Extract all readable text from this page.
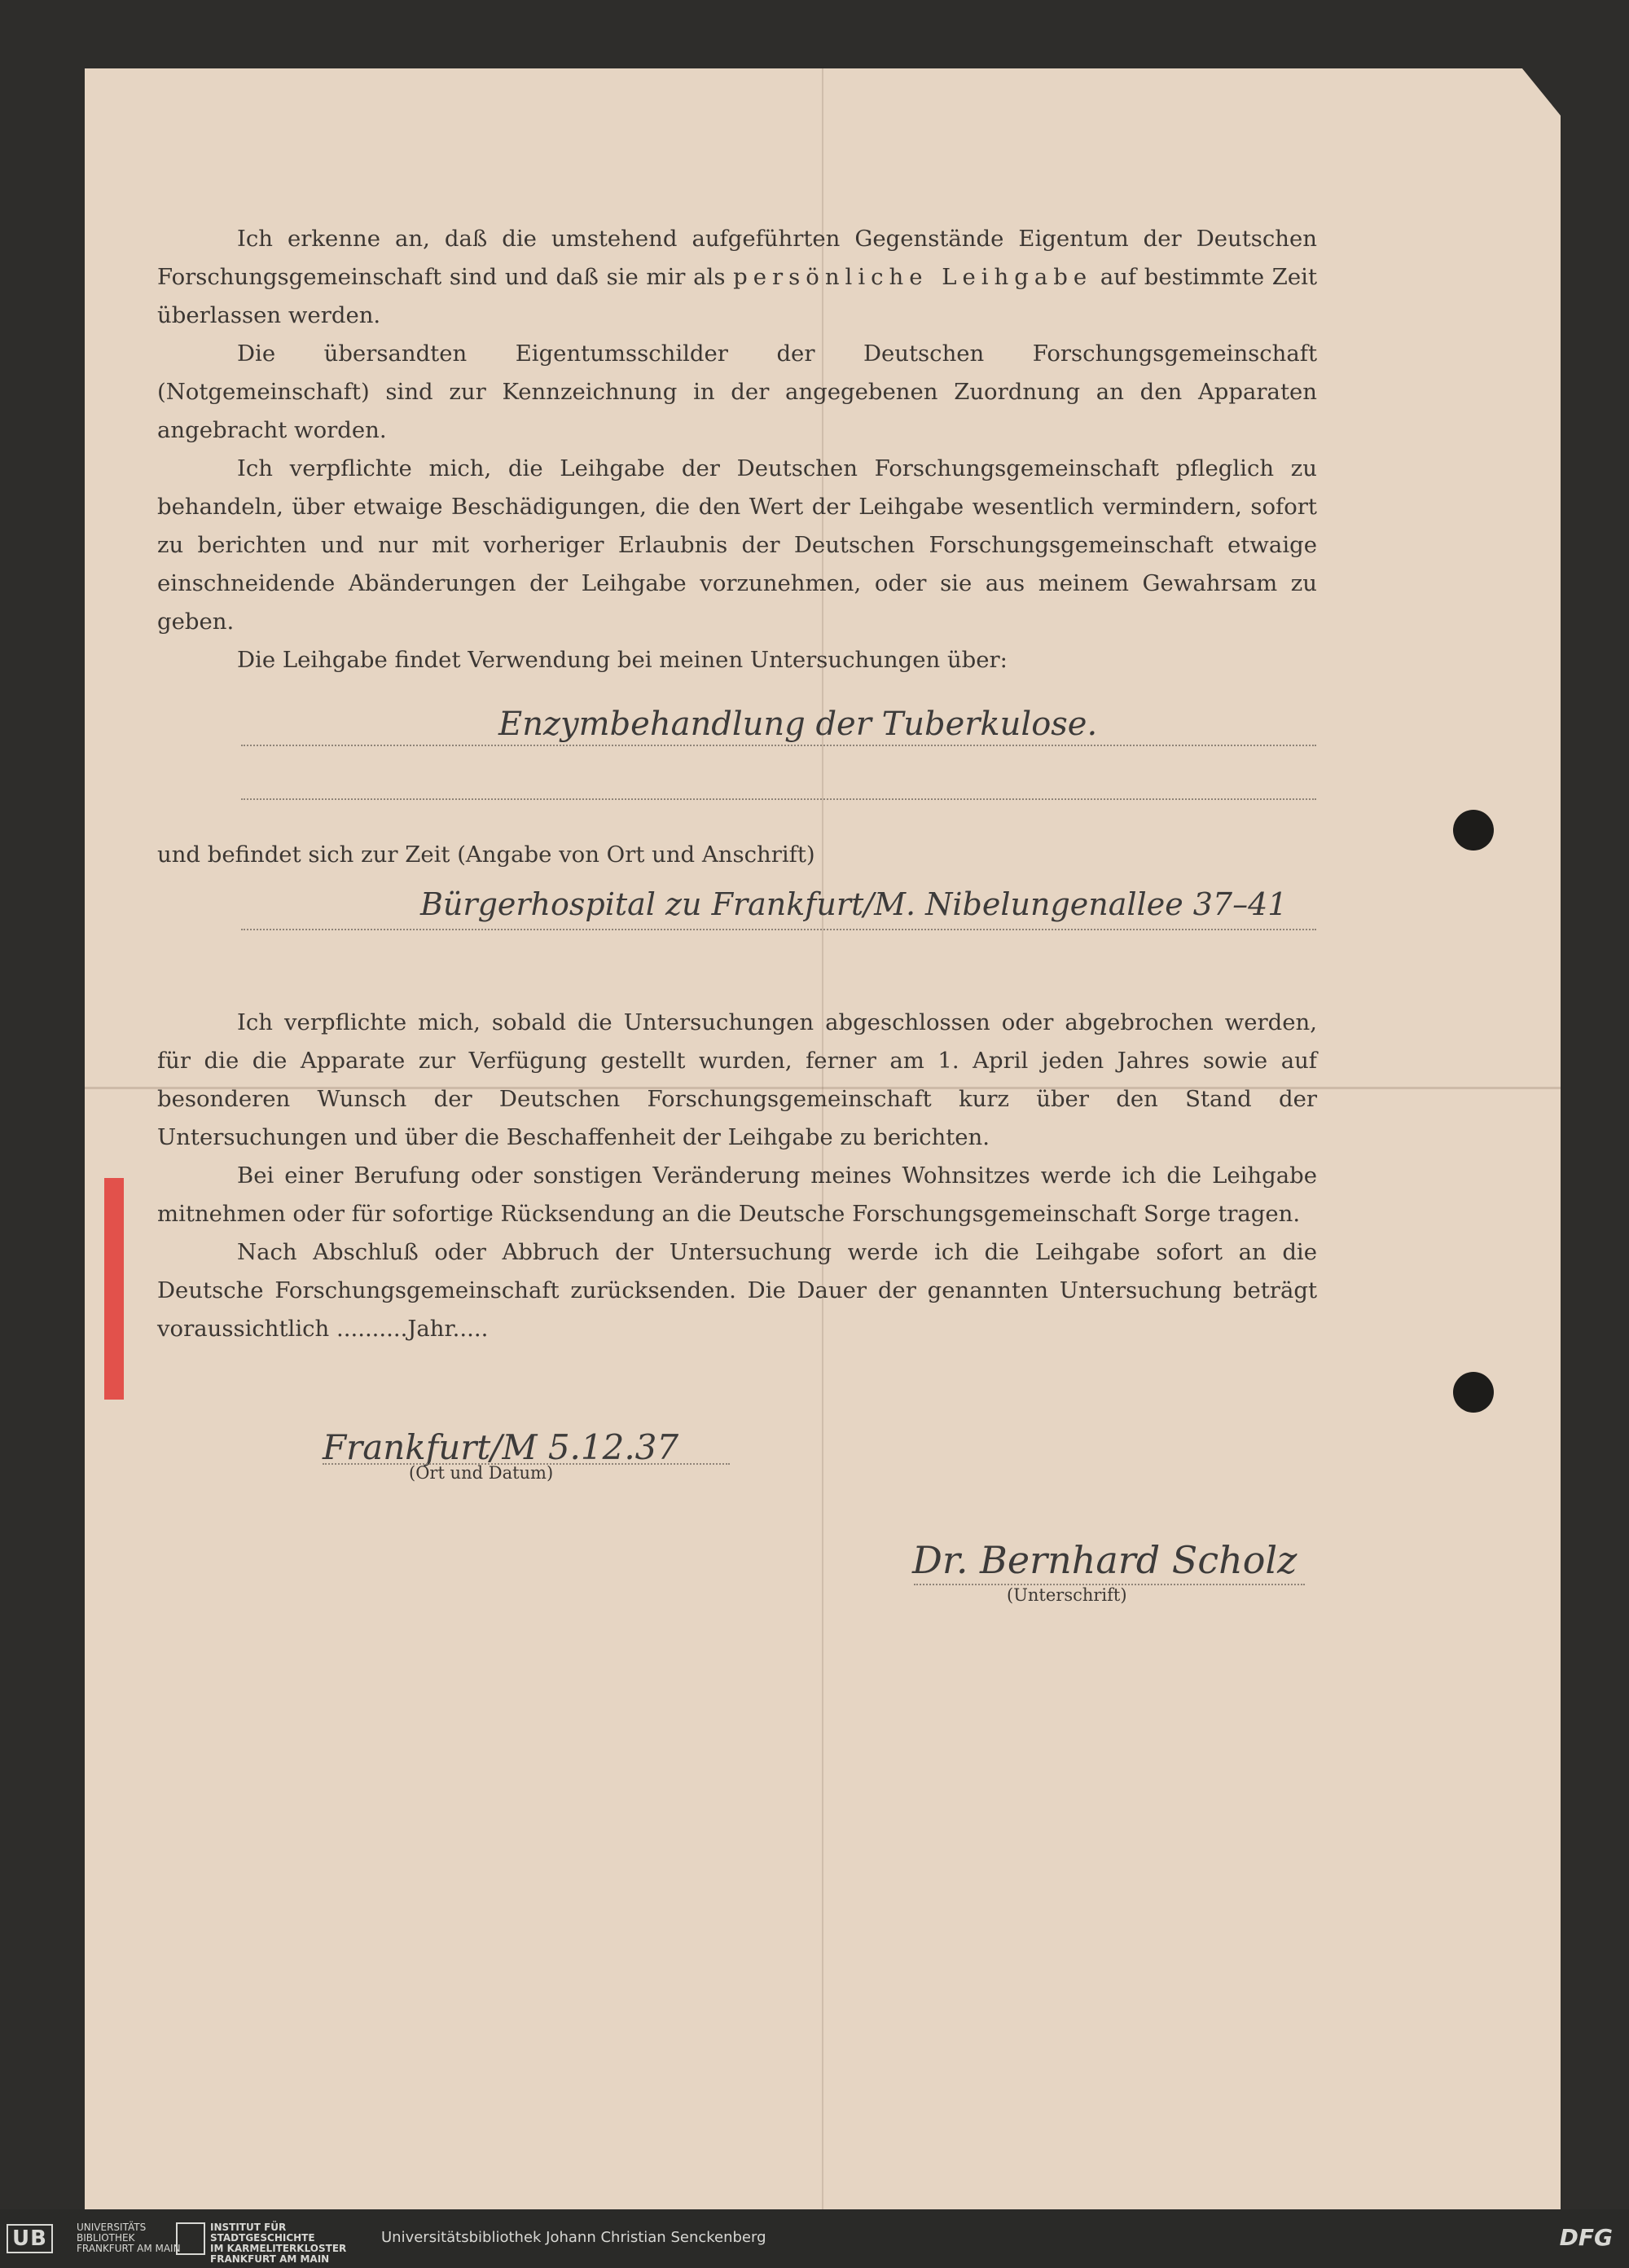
Ich erkenne an, daß die umstehend aufgeführten Gegenstände Eigentum der Deutschen Forschungsgemeinschaft sind und daß sie mir als persönliche Leihgabe auf bestimmte Zeit überlassen werden.

Die übersandten Eigentumsschilder der Deutschen Forschungsgemeinschaft (Notgemeinschaft) sind zur Kennzeichnung in der angegebenen Zuordnung an den Apparaten angebracht worden.

Ich verpflichte mich, die Leihgabe der Deutschen Forschungsgemeinschaft pfleglich zu behandeln, über etwaige Beschädigungen, die den Wert der Leihgabe wesentlich vermindern, sofort zu berichten und nur mit vorheriger Erlaubnis der Deutschen Forschungsgemeinschaft etwaige einschneidende Abänderungen der Leihgabe vorzunehmen, oder sie aus meinem Gewahrsam zu geben.

Die Leihgabe findet Verwendung bei meinen Untersuchungen über:

Enzymbehandlung der Tuberkulose.

und befindet sich zur Zeit (Angabe von Ort und Anschrift)

Bürgerhospital zu Frankfurt/M. Nibelungenallee 37–41

Ich verpflichte mich, sobald die Untersuchungen abgeschlossen oder abgebrochen werden, für die die Apparate zur Verfügung gestellt wurden, ferner am 1. April jeden Jahres sowie auf besonderen Wunsch der Deutschen Forschungsgemeinschaft kurz über den Stand der Untersuchungen und über die Beschaffenheit der Leihgabe zu berichten.

Bei einer Berufung oder sonstigen Veränderung meines Wohnsitzes werde ich die Leihgabe mitnehmen oder für sofortige Rücksendung an die Deutsche Forschungsgemeinschaft Sorge tragen.

Nach Abschluß oder Abbruch der Untersuchung werde ich die Leihgabe sofort an die Deutsche Forschungsgemeinschaft zurücksenden. Die Dauer der genannten Untersuchung beträgt voraussichtlich ..........Jahr.....

Frankfurt/M 5.12.37
(Ort und Datum)
Dr. Bernhard Scholz
(Unterschrift)
UB	UNIVERSITÄTS
BIBLIOTHEK
FRANKFURT AM MAIN
INSTITUT FÜR
STADTGESCHICHTE
IM KARMELITERKLOSTER
FRANKFURT AM MAIN
Universitätsbibliothek Johann Christian Senckenberg	DFG
